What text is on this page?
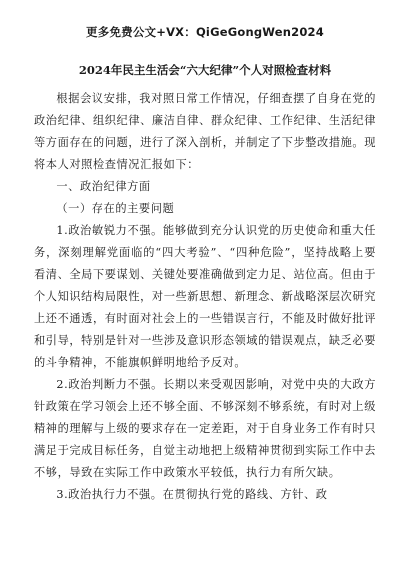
更多免费公文+VX：QiGeGongWen2024
2024年民主生活会“六大纪律”个人对照检查材料

根据会议安排，我对照日常工作情况，仔细查摆了自身在党的政治纪律、组织纪律、廉洁自律、群众纪律、工作纪律、生活纪律等方面存在的问题，进行了深入剖析，并制定了下步整改措施。现将本人对照检查情况汇报如下：

一、政治纪律方面

（一）存在的主要问题

1.政治敏锐力不强。能够做到充分认识党的历史使命和重大任务，深刻理解党面临的“四大考验”、“四种危险”，坚持战略上要看清、全局下要谋划、关键处要准确做到定力足、站位高。但由于个人知识结构局限性，对一些新思想、新理念、新战略深层次研究上还不通透，有时面对社会上的一些错误言行，不能及时做好批评和引导，特别是针对一些涉及意识形态领域的错误观点，缺乏必要的斗争精神，不能旗帜鲜明地给予反对。

2.政治判断力不强。长期以来受观因影响，对党中央的大政方针政策在学习领会上还不够全面、不够深刻不够系统，有时对上级精神的理解与上级的要求存在一定差距，对于自身业务工作有时只满足于完成目标任务，自觉主动地把上级精神贯彻到实际工作中去不够，导致在实际工作中政策水平较低，执行力有所欠缺。

3.政治执行力不强。在贯彻执行党的路线、方针、政
